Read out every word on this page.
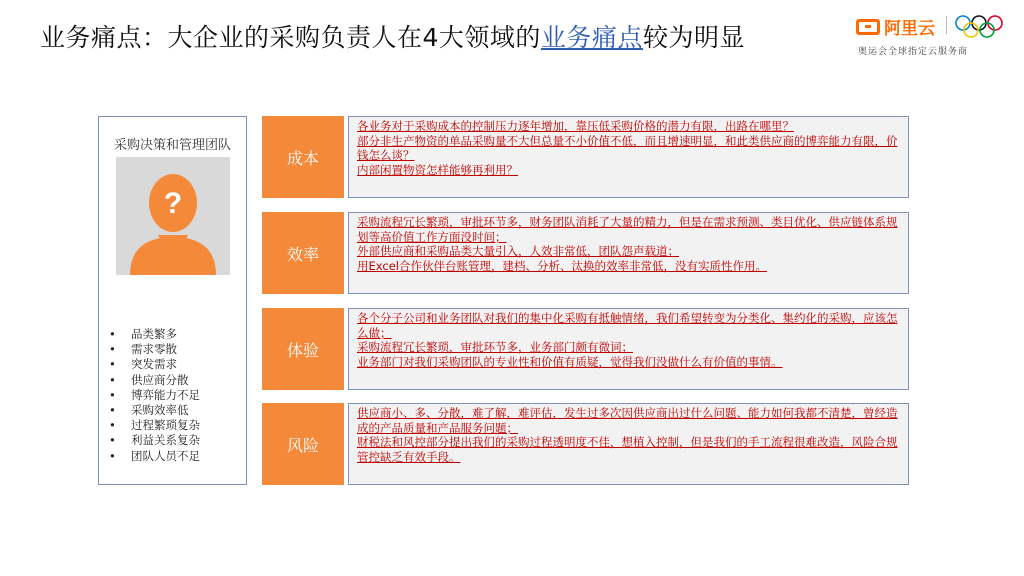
业务痛点：大企业的采购负责人在4大领域的业务痛点较为明显	阿里云
奥运会全球指定云服务商
采购决策和管理团队
?
•	品类繁多
•	需求零散
•	突发需求
•	供应商分散
•	博弈能力不足
•	采购效率低
•	过程繁琐复杂
•	利益关系复杂
•	团队人员不足
成本

各业务对于采购成本的控制压力逐年增加，靠压低采购价格的潜力有限，出路在哪里？

部分非生产物资的单品采购量不大但总量不小价值不低，而且增速明显，和此类供应商的博弈能力有限，价钱怎么谈？

内部闲置物资怎样能够再利用？

效率

采购流程冗长繁琐，审批环节多，财务团队消耗了大量的精力，但是在需求预测、类目优化、供应链体系规划等高价值工作方面没时间；

外部供应商和采购品类大量引入，人效非常低，团队怨声载道；

用Excel合作伙伴台账管理，建档、分析、汰换的效率非常低，没有实质性作用。

体验

各个分子公司和业务团队对我们的集中化采购有抵触情绪，我们希望转变为分类化、集约化的采购，应该怎么做；

采购流程冗长繁琐，审批环节多，业务部门颇有微词；

业务部门对我们采购团队的专业性和价值有质疑，觉得我们没做什么有价值的事情。

风险

供应商小、多、分散，难了解，难评估，发生过多次因供应商出过什么问题、能力如何我都不清楚，曾经造成的产品质量和产品服务问题；

财税法和风控部分提出我们的采购过程透明度不佳，想植入控制，但是我们的手工流程很难改造，风险合规管控缺乏有效手段。
